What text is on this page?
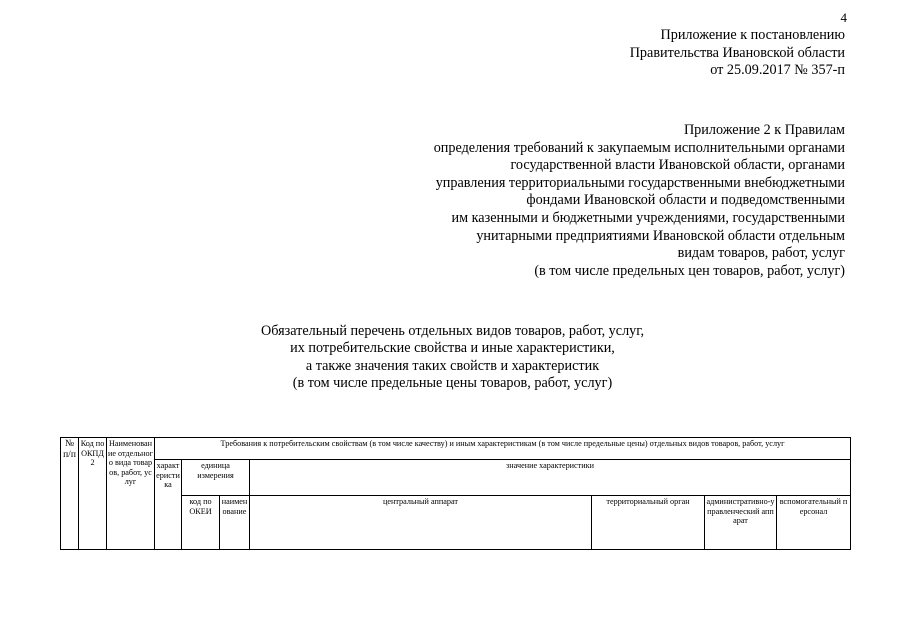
4
Приложение к постановлению
Правительства Ивановской области
от 25.09.2017 № 357-п
Приложение 2 к Правилам
определения требований к закупаемым исполнительными органами
государственной власти Ивановской области, органами
управления территориальными государственными внебюджетными
фондами Ивановской области и подведомственными
им казенными и бюджетными учреждениями, государственными
унитарными предприятиями Ивановской области отдельным
видам товаров, работ, услуг
(в том числе предельных цен товаров, работ, услуг)
Обязательный перечень отдельных видов товаров, работ, услуг,
их потребительские свойства и иные характеристики,
а также значения таких свойств и характеристик
(в том числе предельные цены товаров, работ, услуг)
№ п/п	Код по ОКПД2	Наименование отдельного вида товаров, работ, услуг	Требования к потребительским свойствам (в том числе качеству) и иным характеристикам (в том числе предельные цены) отдельных видов товаров, работ, услуг						
			характеристика	единица измерения		значение характеристики			
				код по ОКЕИ	наименование	центральный аппарат	территориальный орган	административно-управленческий аппарат	вспомогательный персонал
